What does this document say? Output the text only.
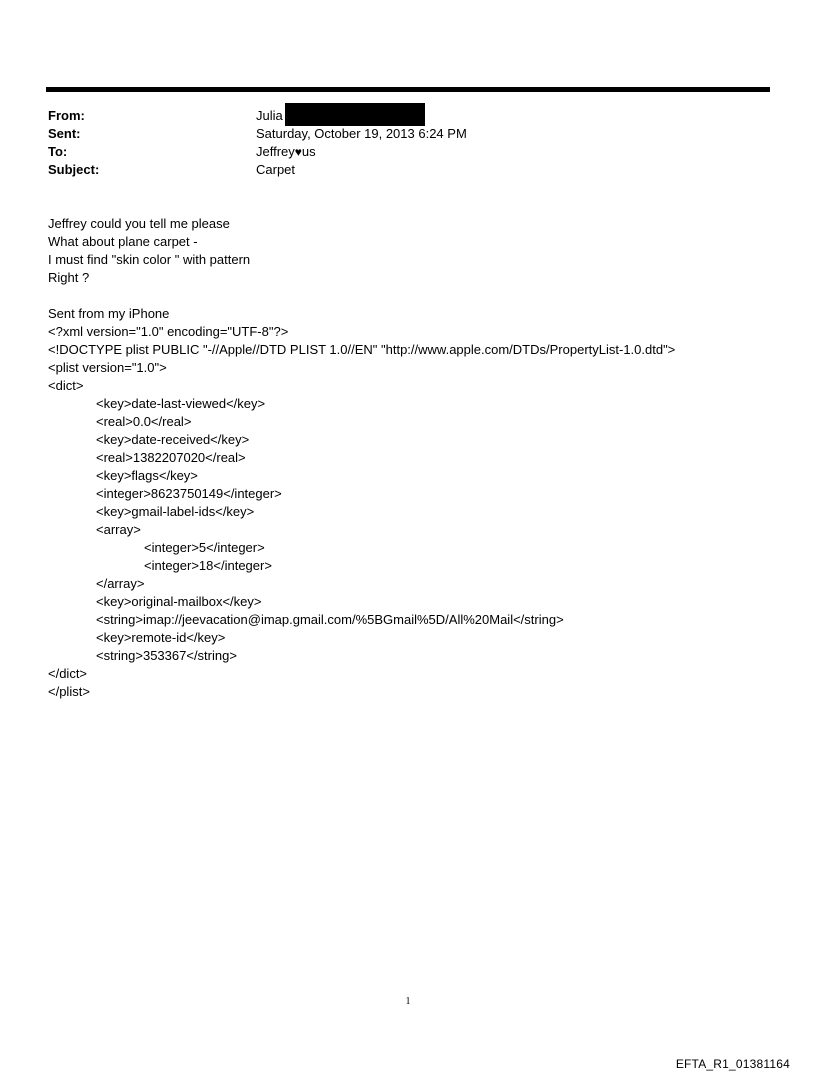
From:	Julia
Sent:	Saturday, October 19, 2013 6:24 PM
To:	Jeffrey♥us
Subject:	Carpet
Jeffrey could you tell me please
What about plane carpet -
I must find "skin color " with pattern
Right ?
Sent from my iPhone
<?xml version="1.0" encoding="UTF-8"?>
<!DOCTYPE plist PUBLIC "-//Apple//DTD PLIST 1.0//EN" "http://www.apple.com/DTDs/PropertyList-1.0.dtd">
<plist version="1.0">
<dict>
<key>date-last-viewed</key>
<real>0.0</real>
<key>date-received</key>
<real>1382207020</real>
<key>flags</key>
<integer>8623750149</integer>
<key>gmail-label-ids</key>
<array>
<integer>5</integer>
<integer>18</integer>
</array>
<key>original-mailbox</key>
<string>imap://jeevacation@imap.gmail.com/%5BGmail%5D/All%20Mail</string>
<key>remote-id</key>
<string>353367</string>
</dict>
</plist>
1
EFTA_R1_01381164
